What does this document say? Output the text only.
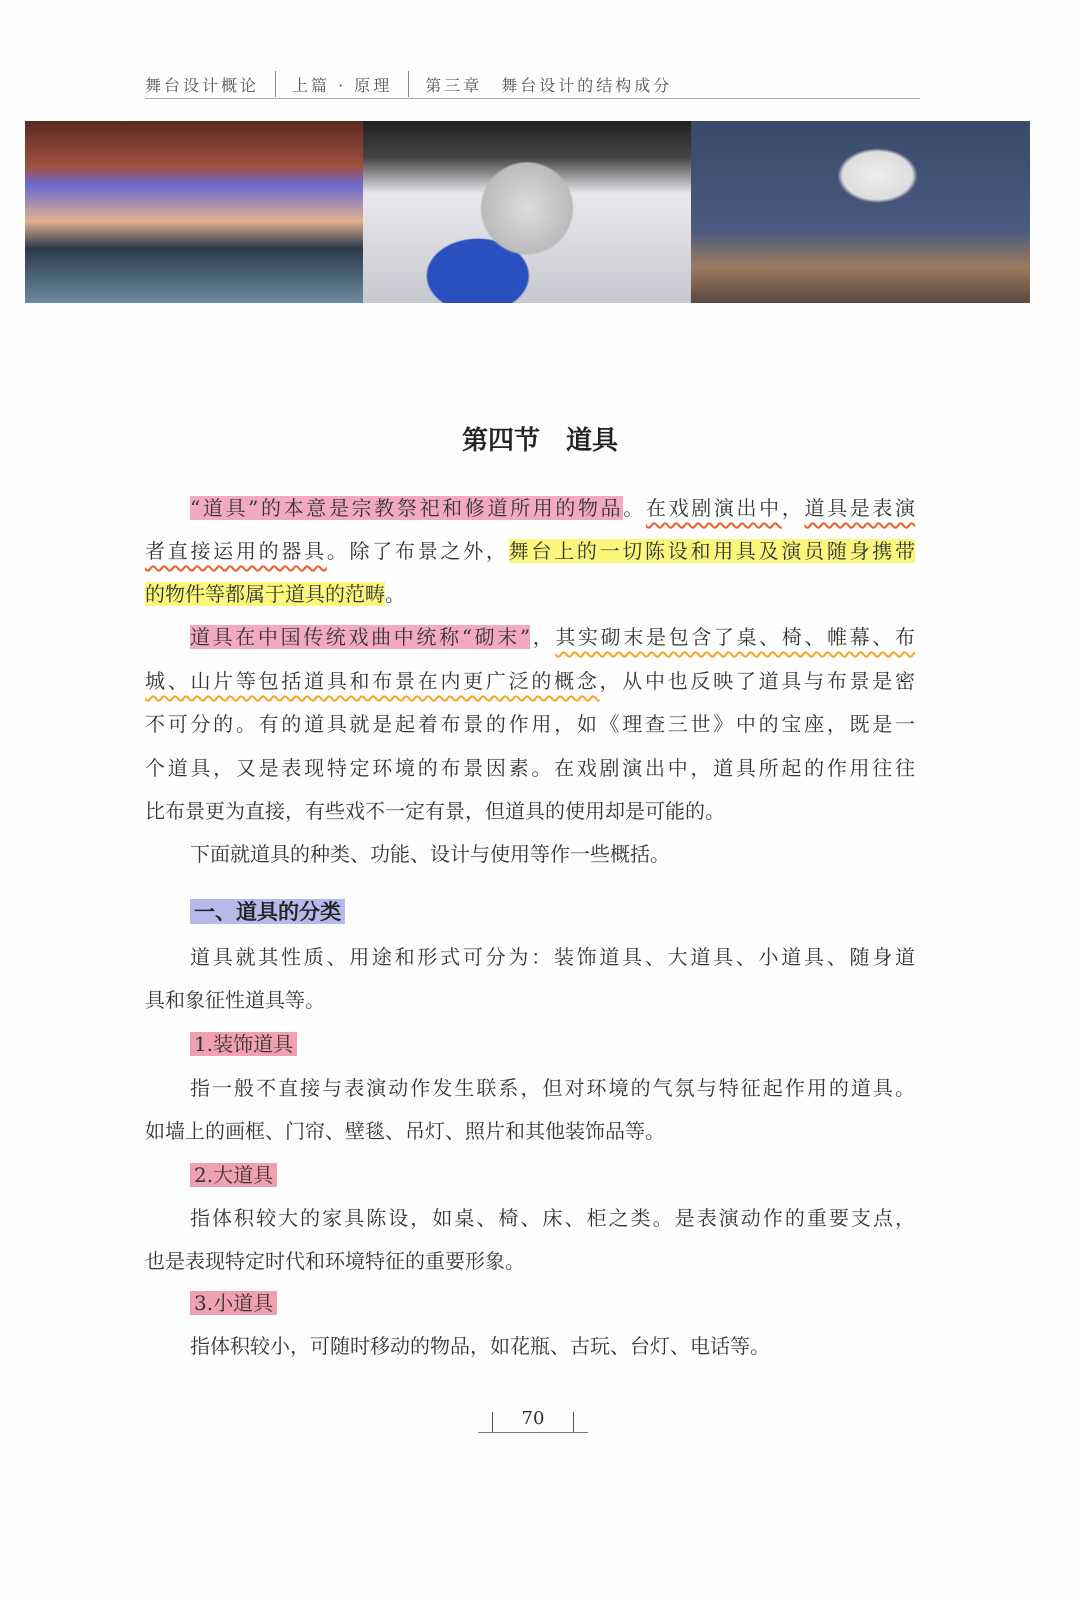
舞台设计概论 上篇 · 原理 第三章　舞台设计的结构成分
第四节　道具
“道具”的本意是宗教祭祀和修道所用的物品。在戏剧演出中，道具是表演
者直接运用的器具。除了布景之外，舞台上的一切陈设和用具及演员随身携带
的物件等都属于道具的范畴。
道具在中国传统戏曲中统称“砌末”，其实砌末是包含了桌、椅、帷幕、布
城、山片等包括道具和布景在内更广泛的概念，从中也反映了道具与布景是密
不可分的。有的道具就是起着布景的作用，如《理查三世》中的宝座，既是一
个道具，又是表现特定环境的布景因素。在戏剧演出中，道具所起的作用往往
比布景更为直接，有些戏不一定有景，但道具的使用却是可能的。
下面就道具的种类、功能、设计与使用等作一些概括。
一、道具的分类
道具就其性质、用途和形式可分为：装饰道具、大道具、小道具、随身道
具和象征性道具等。
1.装饰道具
指一般不直接与表演动作发生联系，但对环境的气氛与特征起作用的道具。
如墙上的画框、门帘、壁毯、吊灯、照片和其他装饰品等。
2.大道具
指体积较大的家具陈设，如桌、椅、床、柜之类。是表演动作的重要支点，
也是表现特定时代和环境特征的重要形象。
3.小道具
指体积较小，可随时移动的物品，如花瓶、古玩、台灯、电话等。
70
